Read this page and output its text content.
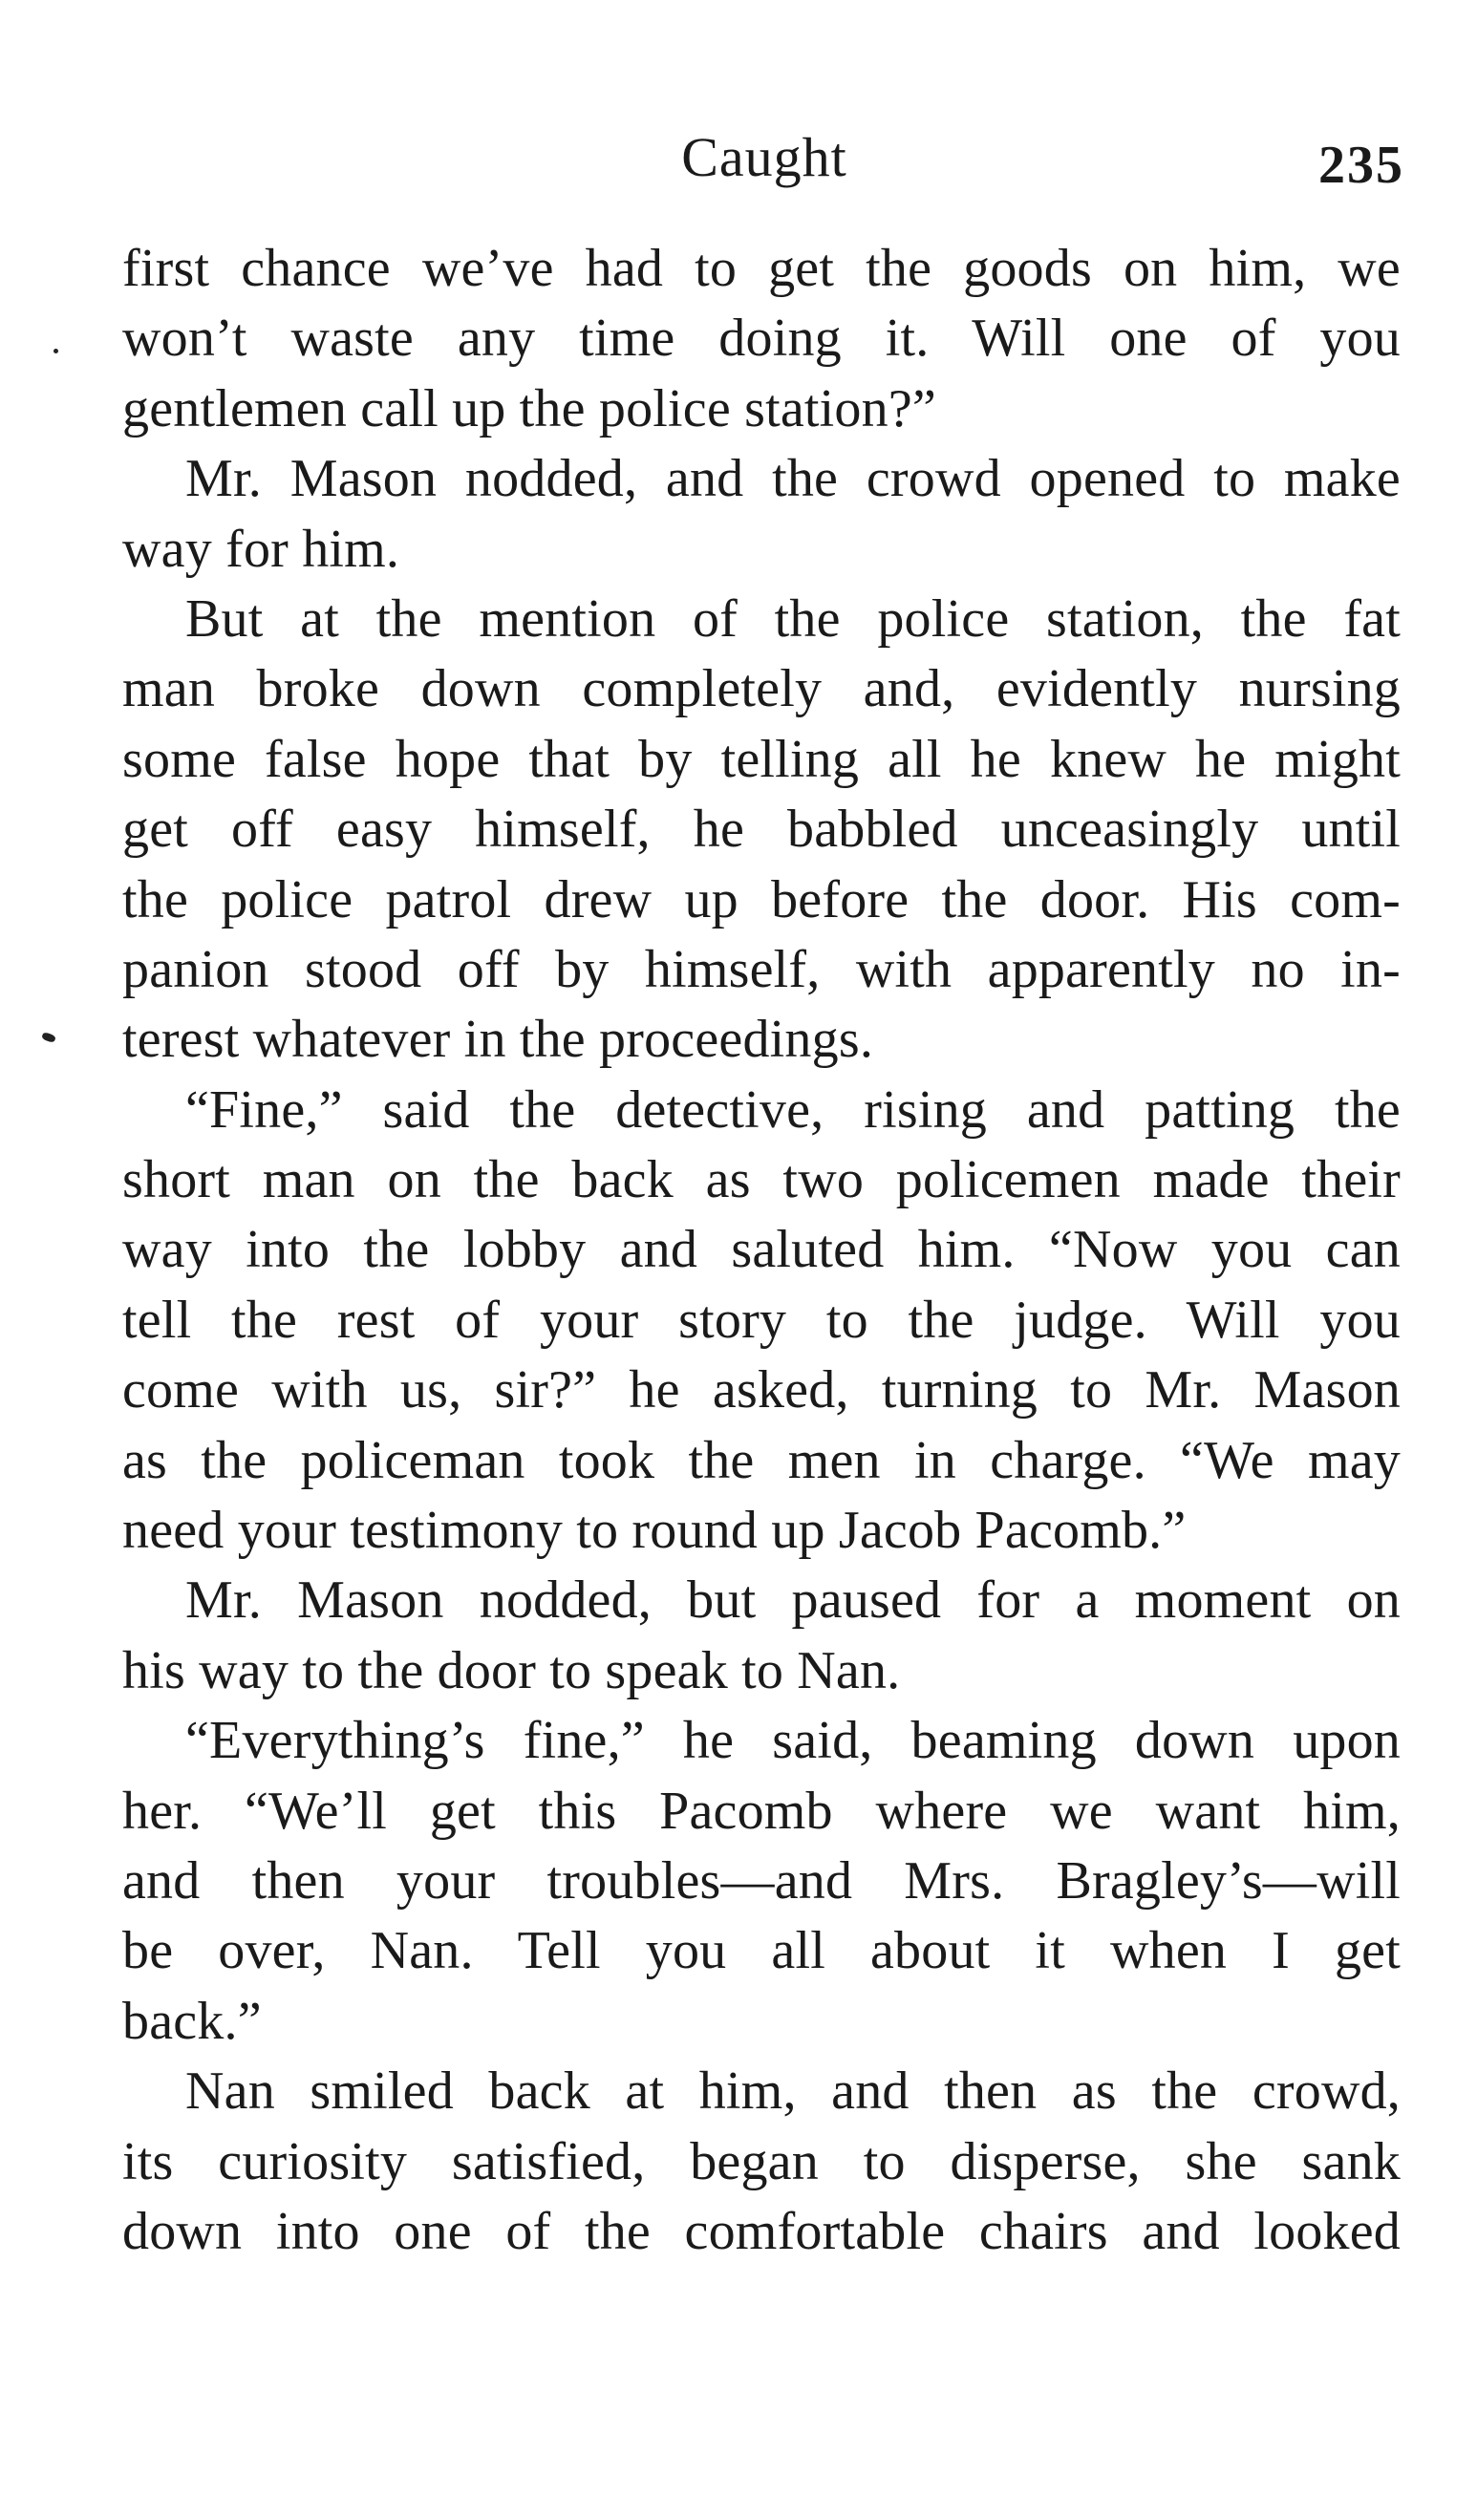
Caught	235
first chance we’ve had to get the goods on him, we
won’t waste any time doing it. Will one of you
gentlemen call up the police station?”
Mr. Mason nodded, and the crowd opened to make
way for him.
But at the mention of the police station, the fat
man broke down completely and, evidently nursing
some false hope that by telling all he knew he might
get off easy himself, he babbled unceasingly until
the police patrol drew up before the door. His com-
panion stood off by himself, with apparently no in-
terest whatever in the proceedings.
“Fine,” said the detective, rising and patting the
short man on the back as two policemen made their
way into the lobby and saluted him. “Now you can
tell the rest of your story to the judge. Will you
come with us, sir?” he asked, turning to Mr. Mason
as the policeman took the men in charge. “We may
need your testimony to round up Jacob Pacomb.”
Mr. Mason nodded, but paused for a moment on
his way to the door to speak to Nan.
“Everything’s fine,” he said, beaming down upon
her. “We’ll get this Pacomb where we want him,
and then your troubles—and Mrs. Bragley’s—will
be over, Nan. Tell you all about it when I get
back.”
Nan smiled back at him, and then as the crowd,
its curiosity satisfied, began to disperse, she sank
down into one of the comfortable chairs and looked
